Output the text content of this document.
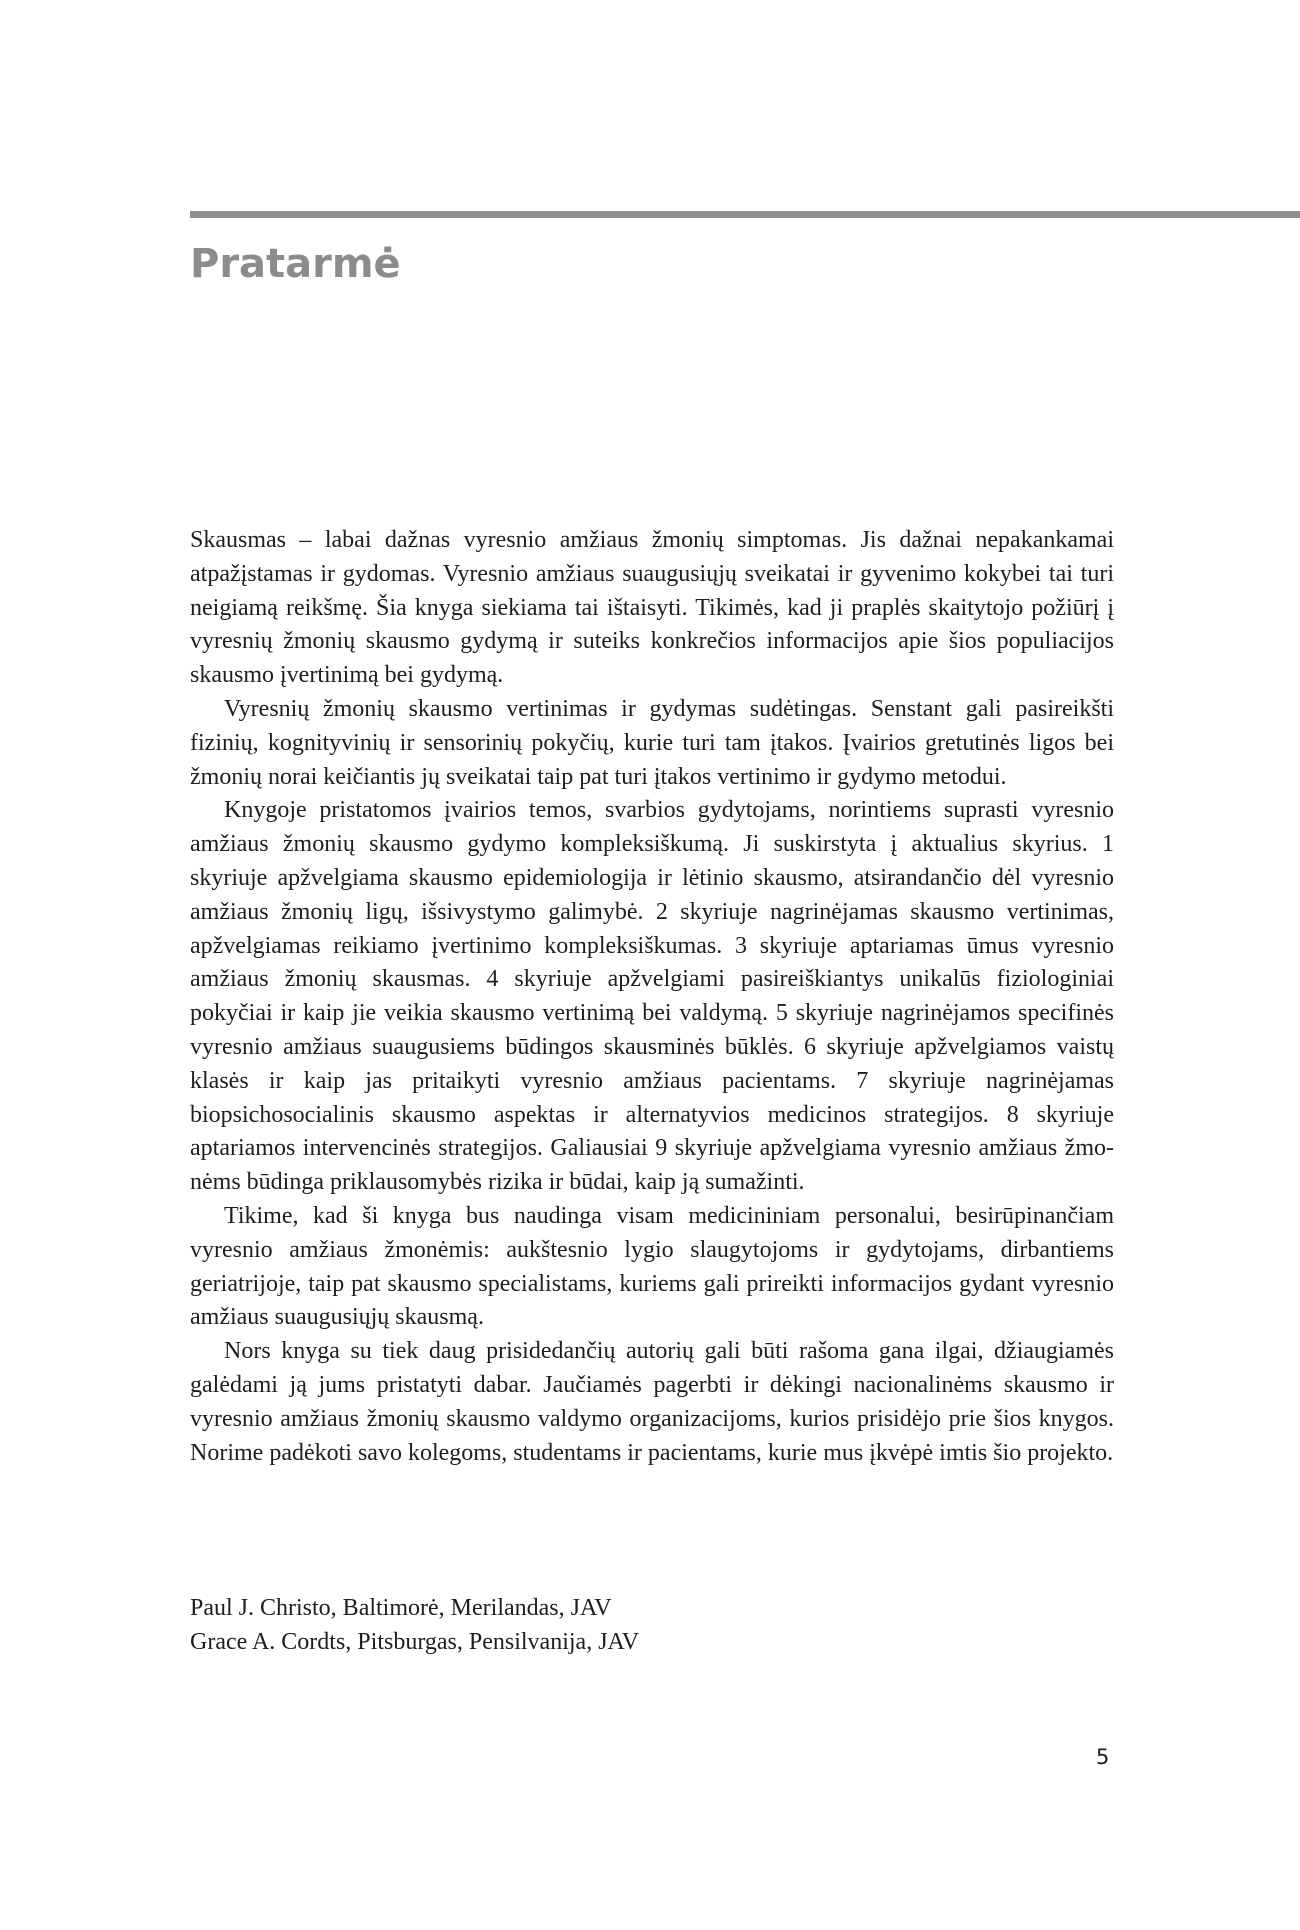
Pratarmė

Skausmas – labai dažnas vyresnio amžiaus žmonių simptomas. Jis dažnai nepakankamai atpažįstamas ir gydomas. Vyresnio amžiaus suaugusiųjų sveikatai ir gyvenimo kokybei tai turi neigiamą reikšmę. Šia knyga siekiama tai ištaisyti. Tikimės, kad ji praplės skaitytojo požiūrį į vyresnių žmonių skausmo gydymą ir suteiks konkrečios informacijos apie šios populiacijos skausmo įvertinimą bei gydymą.

Vyresnių žmonių skausmo vertinimas ir gydymas sudėtingas. Senstant gali pasireikšti fizinių, kognityvinių ir sensorinių pokyčių, kurie turi tam įtakos. Įvairios gretutinės ligos bei žmonių norai keičiantis jų sveikatai taip pat turi įtakos vertinimo ir gydymo metodui.

Knygoje pristatomos įvairios temos, svarbios gydytojams, norintiems suprasti vyresnio amžiaus žmonių skausmo gydymo kompleksiškumą. Ji suskirstyta į aktualius skyrius. 1 skyriuje apžvelgiama skausmo epidemiologija ir lėtinio skausmo, atsirandančio dėl vyresnio amžiaus žmonių ligų, išsivystymo galimybė. 2 skyriuje nagrinėjamas skausmo vertinimas, apžvelgiamas reikiamo įvertinimo kompleksiškumas. 3 skyriuje aptariamas ūmus vyresnio amžiaus žmonių skausmas. 4 skyriuje apžvelgiami pasireiškiantys unikalūs fiziologiniai pokyčiai ir kaip jie veikia skausmo vertinimą bei valdymą. 5 skyriuje nagrinėjamos specifinės vyresnio amžiaus suaugusiems būdingos skausminės būklės. 6 skyriuje apžvelgiamos vaistų klasės ir kaip jas pritaikyti vyresnio amžiaus pacientams. 7 skyriuje nagrinėjamas biopsichosocialinis skausmo aspektas ir alternatyvios medicinos strategijos. 8 skyriuje aptariamos intervencinės strategijos. Galiausiai 9 skyriuje apžvelgiama vyresnio amžiaus žmonėms būdinga priklausomybės rizika ir būdai, kaip ją sumažinti.

Tikime, kad ši knyga bus naudinga visam medicininiam personalui, besirūpinančiam vyresnio amžiaus žmonėmis: aukštesnio lygio slaugytojoms ir gydytojams, dirbantiems geriatrijoje, taip pat skausmo specialistams, kuriems gali prireikti informacijos gydant vyresnio amžiaus suaugusiųjų skausmą.

Nors knyga su tiek daug prisidedančių autorių gali būti rašoma gana ilgai, džiaugiamės galėdami ją jums pristatyti dabar. Jaučiamės pagerbti ir dėkingi nacionalinėms skausmo ir vyresnio amžiaus žmonių skausmo valdymo organizacijoms, kurios prisidėjo prie šios knygos. Norime padėkoti savo kolegoms, studentams ir pacientams, kurie mus įkvėpė imtis šio projekto.

Paul J. Christo, Baltimorė, Merilandas, JAV
Grace A. Cordts, Pitsburgas, Pensilvanija, JAV
5
